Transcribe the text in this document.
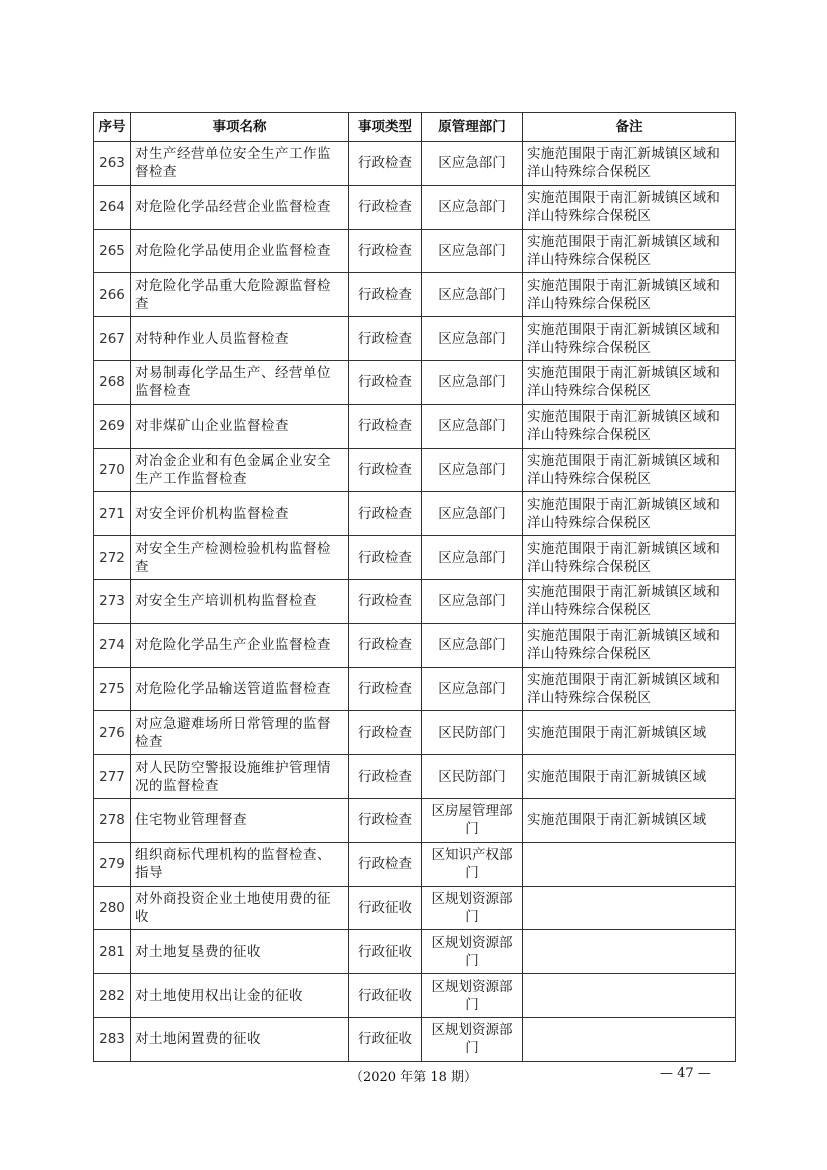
序号	事项名称	事项类型	原管理部门	备注
263	对生产经营单位安全生产工作监督检查	行政检查	区应急部门	实施范围限于南汇新城镇区域和洋山特殊综合保税区
264	对危险化学品经营企业监督检查	行政检查	区应急部门	实施范围限于南汇新城镇区域和洋山特殊综合保税区
265	对危险化学品使用企业监督检查	行政检查	区应急部门	实施范围限于南汇新城镇区域和洋山特殊综合保税区
266	对危险化学品重大危险源监督检查	行政检查	区应急部门	实施范围限于南汇新城镇区域和洋山特殊综合保税区
267	对特种作业人员监督检查	行政检查	区应急部门	实施范围限于南汇新城镇区域和洋山特殊综合保税区
268	对易制毒化学品生产、经营单位监督检查	行政检查	区应急部门	实施范围限于南汇新城镇区域和洋山特殊综合保税区
269	对非煤矿山企业监督检查	行政检查	区应急部门	实施范围限于南汇新城镇区域和洋山特殊综合保税区
270	对冶金企业和有色金属企业安全生产工作监督检查	行政检查	区应急部门	实施范围限于南汇新城镇区域和洋山特殊综合保税区
271	对安全评价机构监督检查	行政检查	区应急部门	实施范围限于南汇新城镇区域和洋山特殊综合保税区
272	对安全生产检测检验机构监督检查	行政检查	区应急部门	实施范围限于南汇新城镇区域和洋山特殊综合保税区
273	对安全生产培训机构监督检查	行政检查	区应急部门	实施范围限于南汇新城镇区域和洋山特殊综合保税区
274	对危险化学品生产企业监督检查	行政检查	区应急部门	实施范围限于南汇新城镇区域和洋山特殊综合保税区
275	对危险化学品输送管道监督检查	行政检查	区应急部门	实施范围限于南汇新城镇区域和洋山特殊综合保税区
276	对应急避难场所日常管理的监督检查	行政检查	区民防部门	实施范围限于南汇新城镇区域
277	对人民防空警报设施维护管理情况的监督检查	行政检查	区民防部门	实施范围限于南汇新城镇区域
278	住宅物业管理督查	行政检查	区房屋管理部门	实施范围限于南汇新城镇区域
279	组织商标代理机构的监督检查、指导	行政检查	区知识产权部门	
280	对外商投资企业土地使用费的征收	行政征收	区规划资源部门	
281	对土地复垦费的征收	行政征收	区规划资源部门	
282	对土地使用权出让金的征收	行政征收	区规划资源部门	
283	对土地闲置费的征收	行政征收	区规划资源部门	
（2020 年第 18 期）	— 47 —
